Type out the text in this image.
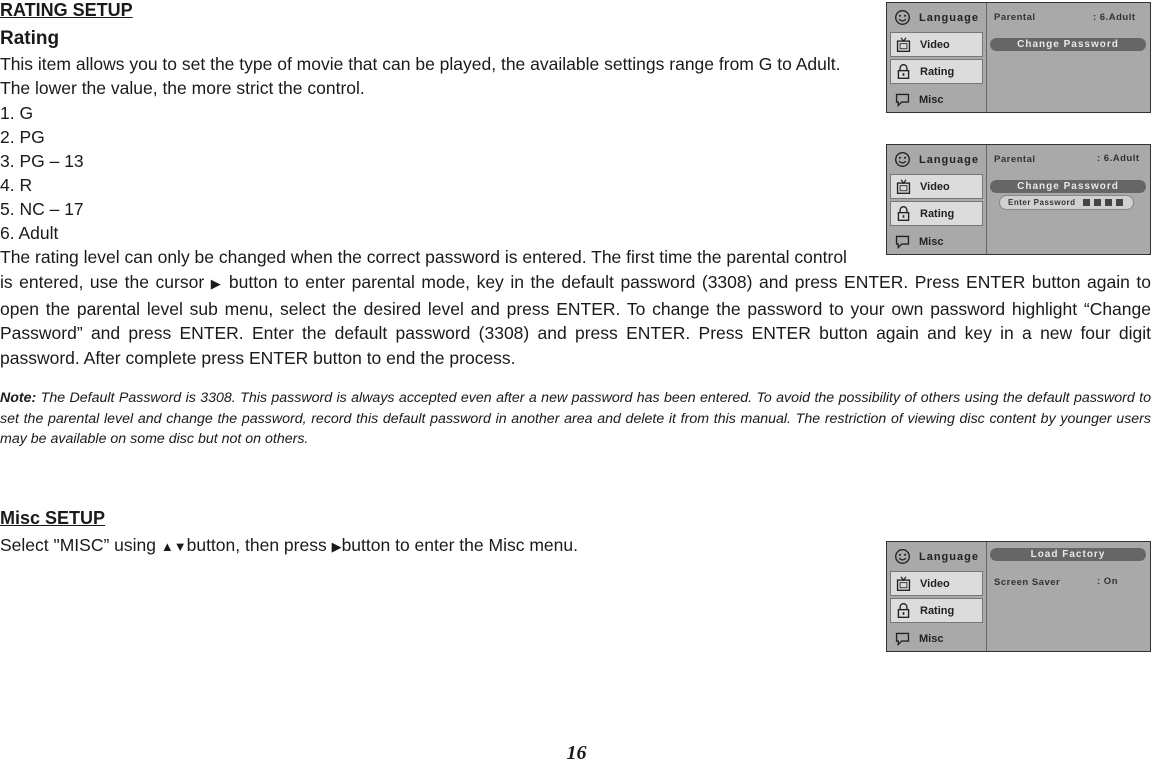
RATING SETUP
Rating
This item allows you to set the type of movie that can be played, the available settings range from G to Adult.
The lower the value, the more strict the control.
1. G
2. PG
3. PG – 13
4. R
5. NC – 17
6. Adult
The rating level can only be changed when the correct password is entered. The first time the parental control
is entered, use the cursor ▶ button to enter parental mode, key in the default password (3308) and press ENTER. Press ENTER button again to open the parental level sub menu, select the desired level and press ENTER. To change the password to your own password highlight “Change Password” and press ENTER. Enter the default password (3308) and press ENTER. Press ENTER button again and key in a new four digit password. After complete press ENTER button to end the process.
Note: The Default Password is 3308. This password is always accepted even after a new password has been entered. To avoid the possibility of others using the default password to set the parental level and change the password, record this default password in another area and delete it from this manual. The restriction of viewing disc content by younger users may be available on some disc but not on others.
Misc SETUP
Select "MISC” using ▲▼button, then press ▶button to enter the Misc menu.
Language
Video
Rating
Misc
Parental	: 6.Adult
Change Password
Language
Video
Rating
Misc
Parental	: 6.Adult
Change Password
Enter Password
Language
Video
Rating
Misc
Load Factory
Screen Saver	: On
16
